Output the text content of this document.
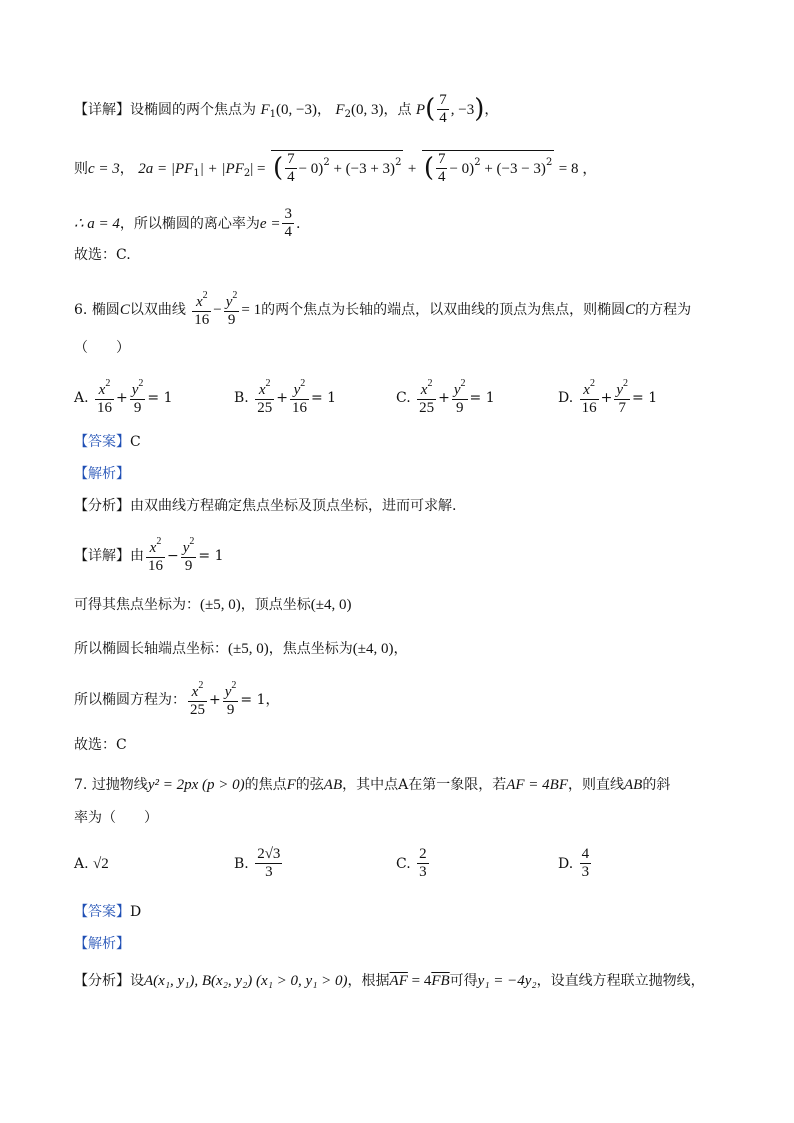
【详解】设椭圆的两个焦点为 $F_1(0$, −3)， $F_2(0$, 3)，点 $P( \frac{7}{4}$ , −3)，
则c = 3， $2a = |PF_1| + |PF_2|$ = ( $\frac{7}{4} - 0)^2 + (-3 + 3)^2$ + ( $\frac{7}{4} - 0)^2 + (-3 - 3)^2 = 8$ ，
∴ a = 4，所以椭圆的离心率为$e = \frac{3}{4}$ .
故选：C.
6. 椭圆C以双曲线 $\frac{x^2}{16} - \frac{y^2}{9} = 1$的两个焦点为长轴的端点，以双曲线的顶点为焦点，则椭圆C的方程为
（　　）
A. $\frac{x^2}{16} + \frac{y^2}{9} = 1$	B. $\frac{x^2}{25} + \frac{y^2}{16} = 1$	C. $\frac{x^2}{25} + \frac{y^2}{9} = 1$	D. $\frac{x^2}{16} + \frac{y^2}{7} = 1$
【答案】C
【解析】
【分析】由双曲线方程确定焦点坐标及顶点坐标，进而可求解.
【详解】由 $\frac{x^2}{16} - \frac{y^2}{9} = 1$
可得其焦点坐标为：(±5, 0)，顶点坐标(±4, 0)
所以椭圆长轴端点坐标：(±5, 0)，焦点坐标为(±4, 0)，
所以椭圆方程为： $\frac{x^2}{25} + \frac{y^2}{9} = 1$，
故选：C
7. 过抛物线y² = 2px (p > 0)的焦点F的弦AB，其中点A在第一象限，若AF = 4BF，则直线AB的斜
率为（　　）
A. √2	B. $\frac{2√3}{3}$	C. $\frac{2}{3}$	D. $\frac{4}{3}$
【答案】D
【解析】
【分析】设A(x₁, y₁), B(x₂, y₂) (x₁ > 0, y₁ > 0)，根据$\overline{AF} = 4\overline{FB}$可得y₁ = −4y₂，设直线方程联立抛物线，
